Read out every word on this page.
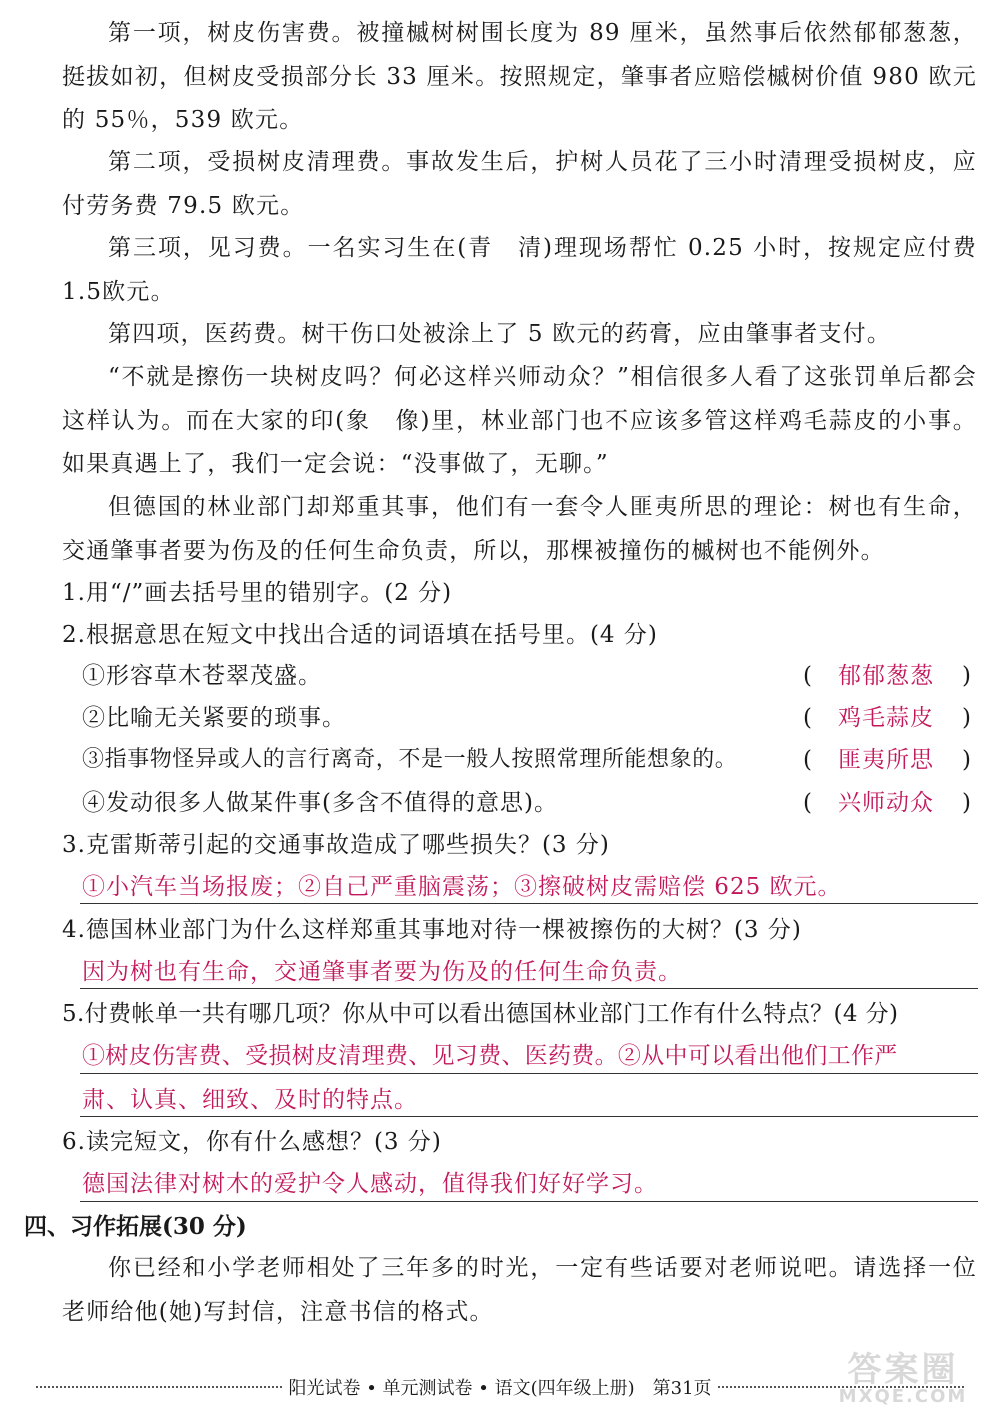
第一项，树皮伤害费。被撞槭树树围长度为 89 厘米，虽然事后依然郁郁葱葱，挺拔如初，但树皮受损部分长 33 厘米。按照规定，肇事者应赔偿槭树价值 980 欧元的 55％，539 欧元。

第二项，受损树皮清理费。事故发生后，护树人员花了三小时清理受损树皮，应付劳务费 79.5 欧元。

第三项，见习费。一名实习生在(青　清)理现场帮忙 0.25 小时，按规定应付费 1.5欧元。

第四项，医药费。树干伤口处被涂上了 5 欧元的药膏，应由肇事者支付。

“不就是擦伤一块树皮吗？何必这样兴师动众？”相信很多人看了这张罚单后都会这样认为。而在大家的印(象　像)里，林业部门也不应该多管这样鸡毛蒜皮的小事。如果真遇上了，我们一定会说：“没事做了，无聊。”

但德国的林业部门却郑重其事，他们有一套令人匪夷所思的理论：树也有生命，交通肇事者要为伤及的任何生命负责，所以，那棵被撞伤的槭树也不能例外。

1.用“/”画去括号里的错别字。(2 分)
2.根据意思在短文中找出合适的词语填在括号里。(4 分)
①形容草木苍翠茂盛。	( 郁郁葱葱 )
②比喻无关紧要的琐事。	( 鸡毛蒜皮 )
③指事物怪异或人的言行离奇，不是一般人按照常理所能想象的。	( 匪夷所思 )
④发动很多人做某件事(多含不值得的意思)。	( 兴师动众 )
3.克雷斯蒂引起的交通事故造成了哪些损失？(3 分)
①小汽车当场报废；②自己严重脑震荡；③擦破树皮需赔偿 625 欧元。
4.德国林业部门为什么这样郑重其事地对待一棵被擦伤的大树？(3 分)
因为树也有生命，交通肇事者要为伤及的任何生命负责。
5.付费帐单一共有哪几项？你从中可以看出德国林业部门工作有什么特点？(4 分)
①树皮伤害费、受损树皮清理费、见习费、医药费。②从中可以看出他们工作严
肃、认真、细致、及时的特点。
6.读完短文，你有什么感想？(3 分)
德国法律对树木的爱护令人感动，值得我们好好学习。
四、习作拓展(30 分)

你已经和小学老师相处了三年多的时光，一定有些话要对老师说吧。请选择一位老师给他(她)写封信，注意书信的格式。

阳光试卷 • 单元测试卷 • 语文(四年级上册)　第31页	答案圈
MXQE.COM
